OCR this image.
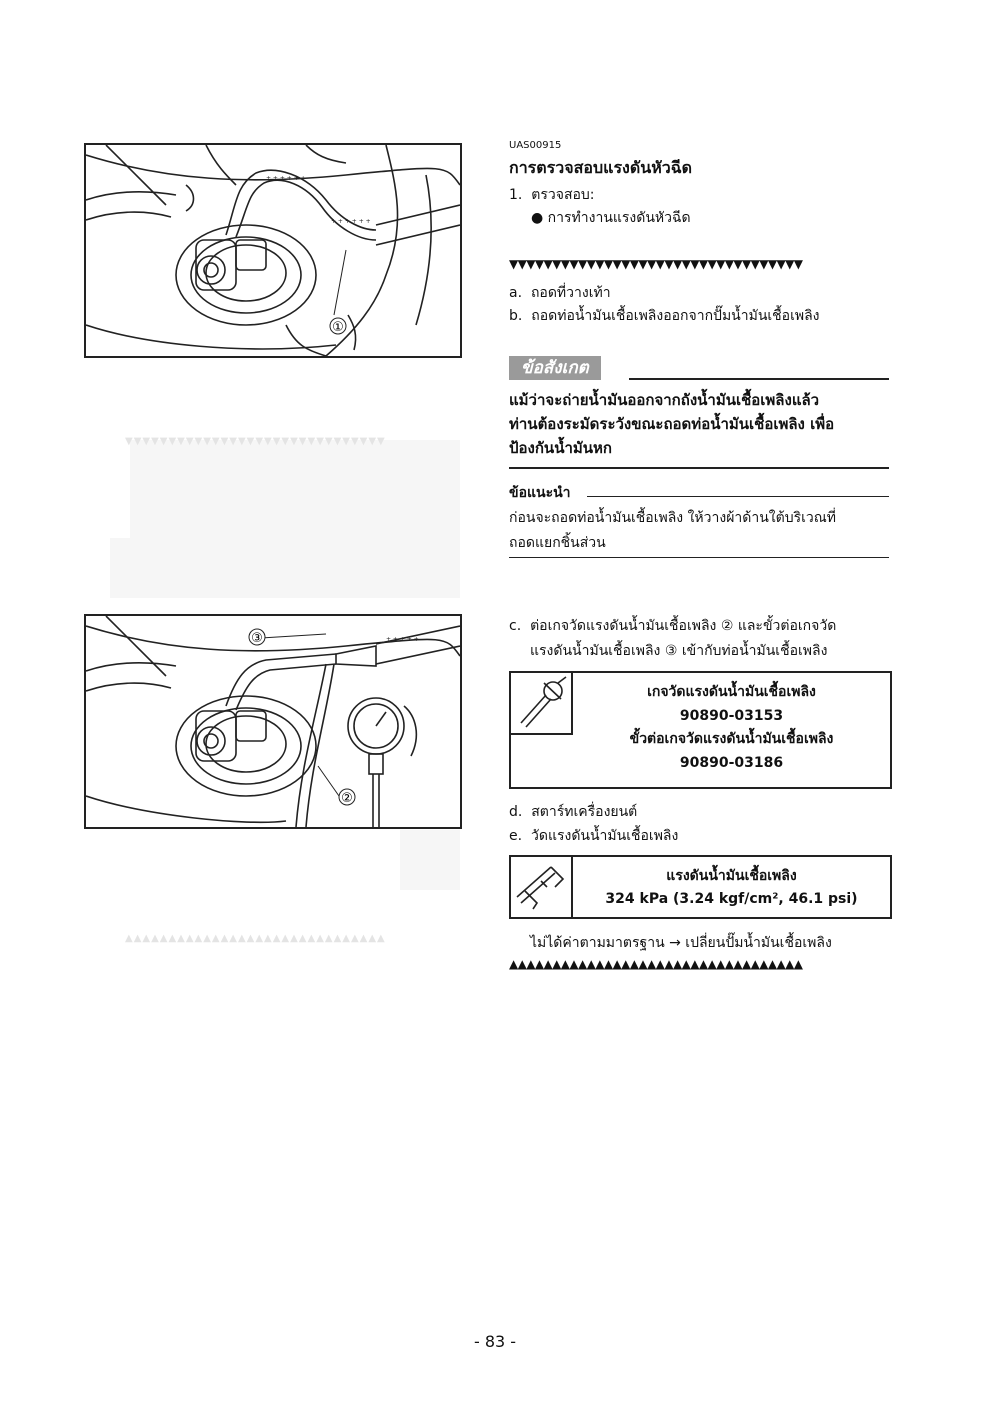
+ + + + + +
+ + + + + +
①
+ + + + +
③
②
▼▼▼▼▼▼▼▼▼▼▼▼▼▼▼▼▼▼▼▼▼▼▼▼▼▼▼▼▼▼
▲▲▲▲▲▲▲▲▲▲▲▲▲▲▲▲▲▲▲▲▲▲▲▲▲▲▲▲▲▲
UAS00915
การตรวจสอบแรงดันหัวฉีด
1. ตรวจสอบ:
● การทำงานแรงดันหัวฉีด
▼▼▼▼▼▼▼▼▼▼▼▼▼▼▼▼▼▼▼▼▼▼▼▼▼▼▼▼▼▼▼▼▼▼
a. ถอดที่วางเท้า
b. ถอดท่อน้ำมันเชื้อเพลิงออกจากปั๊มน้ำมันเชื้อเพลิง
ข้อสังเกต
แม้ว่าจะถ่ายน้ำมันออกจากถังน้ำมันเชื้อเพลิงแล้ว
ท่านต้องระมัดระวังขณะถอดท่อน้ำมันเชื้อเพลิง เพื่อ
ป้องกันน้ำมันหก
ข้อแนะนำ
ก่อนจะถอดท่อน้ำมันเชื้อเพลิง ให้วางผ้าด้านใต้บริเวณที่
ถอดแยกชิ้นส่วน
c. ต่อเกจวัดแรงดันน้ำมันเชื้อเพลิง ② และขั้วต่อเกจวัด
แรงดันน้ำมันเชื้อเพลิง ③ เข้ากับท่อน้ำมันเชื้อเพลิง
เกจวัดแรงดันน้ำมันเชื้อเพลิง
90890-03153
ขั้วต่อเกจวัดแรงดันน้ำมันเชื้อเพลิง
90890-03186
d. สตาร์ทเครื่องยนต์
e. วัดแรงดันน้ำมันเชื้อเพลิง
แรงดันน้ำมันเชื้อเพลิง
324 kPa (3.24 kgf/cm², 46.1 psi)
ไม่ได้ค่าตามมาตรฐาน → เปลี่ยนปั๊มน้ำมันเชื้อเพลิง
▲▲▲▲▲▲▲▲▲▲▲▲▲▲▲▲▲▲▲▲▲▲▲▲▲▲▲▲▲▲▲▲▲▲
- 83 -
